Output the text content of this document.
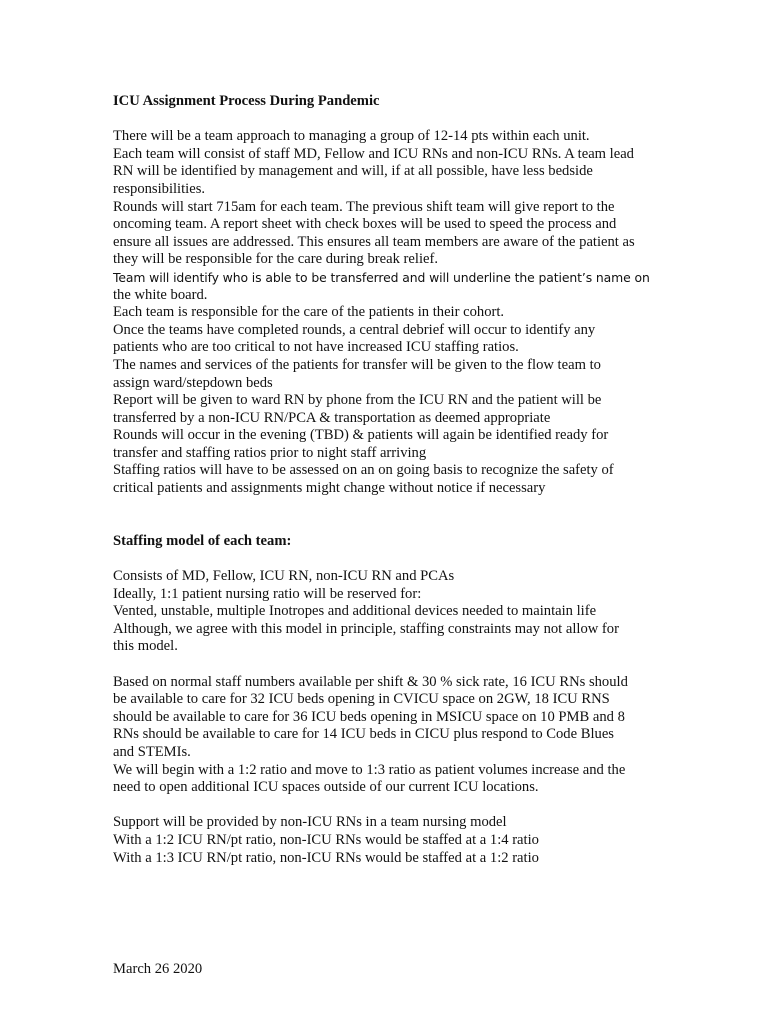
ICU Assignment Process During Pandemic

There will be a team approach to managing a group of 12-14 pts within each unit.

Each team will consist of staff MD, Fellow and ICU RNs and non-ICU RNs. A team lead

RN will be identified by management and will, if at all possible, have less bedside

responsibilities.

Rounds will start 715am for each team. The previous shift team will give report to the

oncoming team. A report sheet with check boxes will be used to speed the process and

ensure all issues are addressed. This ensures all team members are aware of the patient as

they will be responsible for the care during break relief.

Team will identify who is able to be transferred and will underline the patient’s name on

the white board.

Each team is responsible for the care of the patients in their cohort.

Once the teams have completed rounds, a central debrief will occur to identify any

patients who are too critical to not have increased ICU staffing ratios.

The names and services of the patients for transfer will be given to the flow team to

assign ward/stepdown beds

Report will be given to ward RN by phone from the ICU RN and the patient will be

transferred by a non-ICU RN/PCA & transportation as deemed appropriate

Rounds will occur in the evening (TBD) & patients will again be identified ready for

transfer and staffing ratios prior to night staff arriving

Staffing ratios will have to be assessed on an on going basis to recognize the safety of

critical patients and assignments might change without notice if necessary

Staffing model of each team:

Consists of MD, Fellow, ICU RN, non-ICU RN and PCAs

Ideally, 1:1 patient nursing ratio will be reserved for:

Vented, unstable, multiple Inotropes and additional devices needed to maintain life

Although, we agree with this model in principle, staffing constraints may not allow for

this model.

Based on normal staff numbers available per shift & 30 % sick rate, 16 ICU RNs should

be available to care for 32 ICU beds opening in CVICU space on 2GW, 18 ICU RNS

should be available to care for 36 ICU beds opening in MSICU space on 10 PMB and 8

RNs should be available to care for 14 ICU beds in CICU plus respond to Code Blues

and STEMIs.

We will begin with a 1:2 ratio and move to 1:3 ratio as patient volumes increase and the

need to open additional ICU spaces outside of our current ICU locations.

Support will be provided by non-ICU RNs in a team nursing model

With a 1:2 ICU RN/pt ratio, non-ICU RNs would be staffed at a 1:4 ratio

With a 1:3 ICU RN/pt ratio, non-ICU RNs would be staffed at a 1:2 ratio

March 26 2020
